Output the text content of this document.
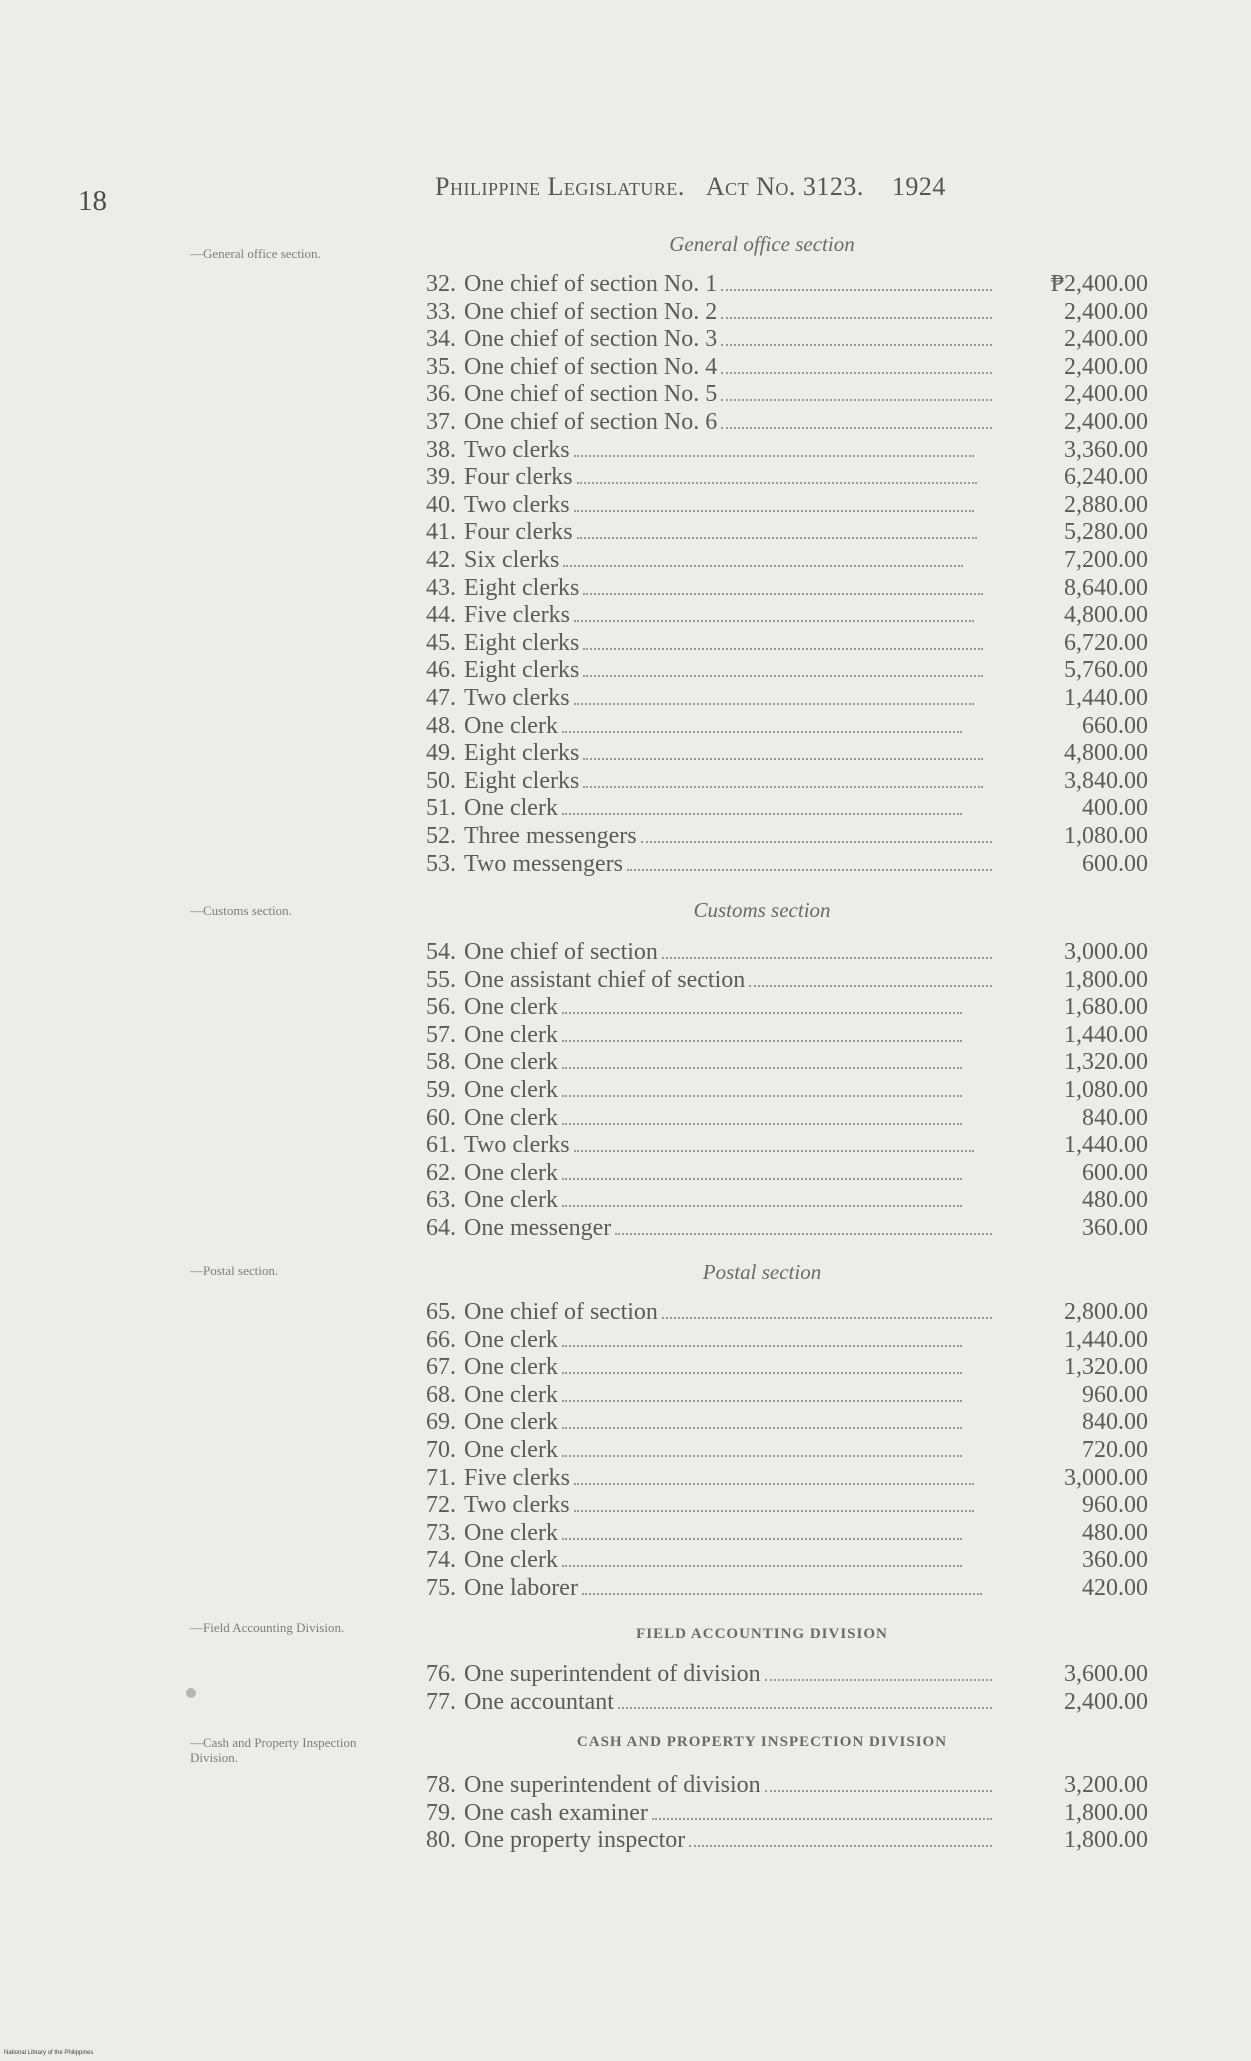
18	Philippine Legislature. Act No. 3123. 1924
—General office section.	General office section
32. One chief of section No. 1	₱2,400.00
33. One chief of section No. 2	2,400.00
34. One chief of section No. 3	2,400.00
35. One chief of section No. 4	2,400.00
36. One chief of section No. 5	2,400.00
37. One chief of section No. 6	2,400.00
38. Two clerks	3,360.00
39. Four clerks	6,240.00
40. Two clerks	2,880.00
41. Four clerks	5,280.00
42. Six clerks	7,200.00
43. Eight clerks	8,640.00
44. Five clerks	4,800.00
45. Eight clerks	6,720.00
46. Eight clerks	5,760.00
47. Two clerks	1,440.00
48. One clerk	660.00
49. Eight clerks	4,800.00
50. Eight clerks	3,840.00
51. One clerk	400.00
52. Three messengers	1,080.00
53. Two messengers	600.00
—Customs section.	Customs section
54. One chief of section	3,000.00
55. One assistant chief of section	1,800.00
56. One clerk	1,680.00
57. One clerk	1,440.00
58. One clerk	1,320.00
59. One clerk	1,080.00
60. One clerk	840.00
61. Two clerks	1,440.00
62. One clerk	600.00
63. One clerk	480.00
64. One messenger	360.00
—Postal section.	Postal section
65. One chief of section	2,800.00
66. One clerk	1,440.00
67. One clerk	1,320.00
68. One clerk	960.00
69. One clerk	840.00
70. One clerk	720.00
71. Five clerks	3,000.00
72. Two clerks	960.00
73. One clerk	480.00
74. One clerk	360.00
75. One laborer	420.00
—Field Accounting Division.	FIELD ACCOUNTING DIVISION
76. One superintendent of division	3,600.00
77. One accountant	2,400.00
—Cash and Property Inspection Division.
CASH AND PROPERTY INSPECTION DIVISION
78. One superintendent of division	3,200.00
79. One cash examiner	1,800.00
80. One property inspector	1,800.00
National Library of the Philippines
